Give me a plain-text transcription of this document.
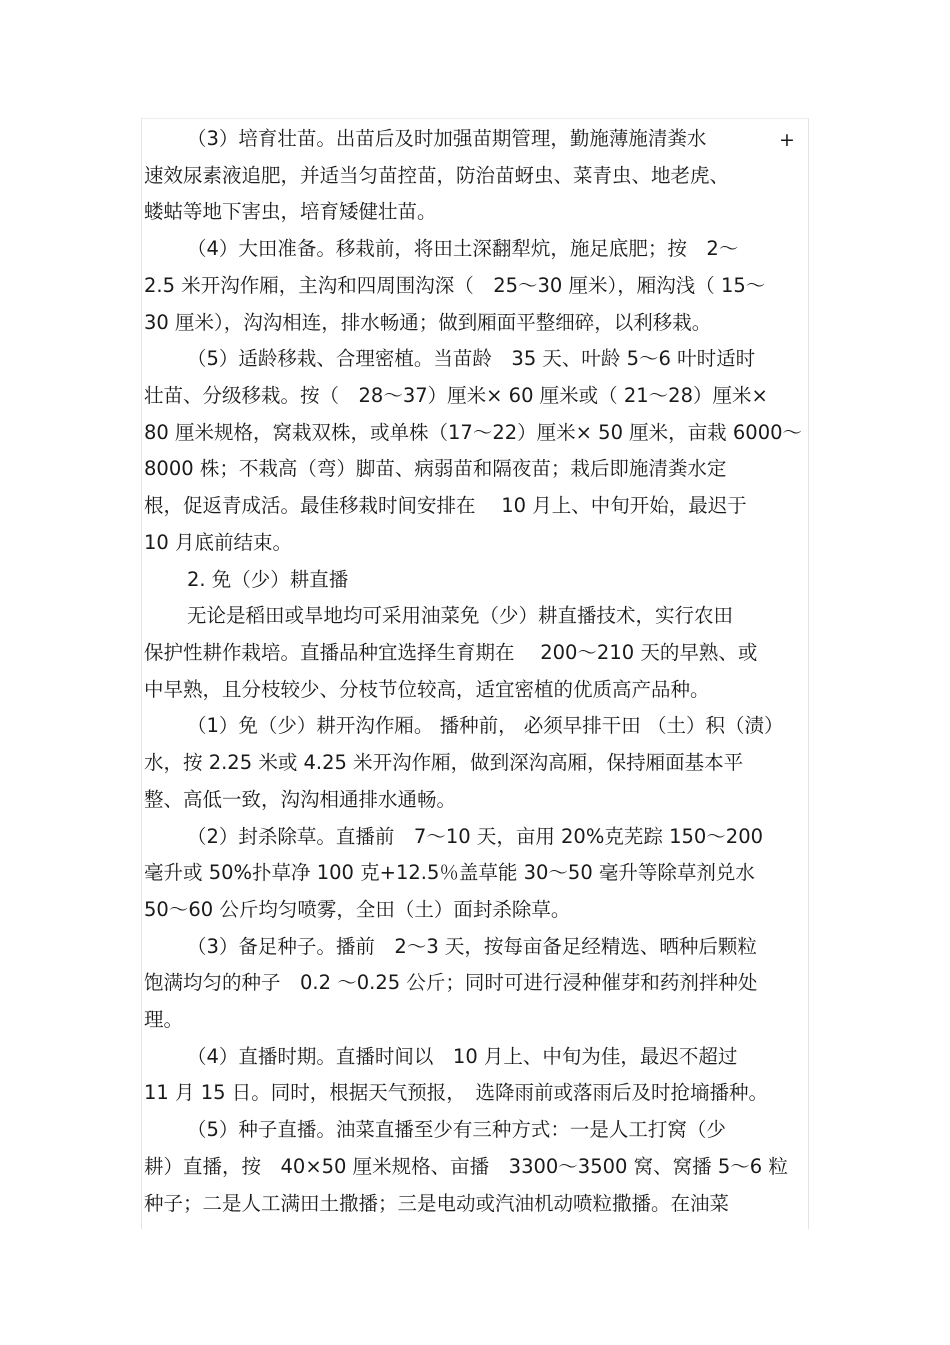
（3）培育壮苗。出苗后及时加强苗期管理，勤施薄施清粪水	+
速效尿素液追肥，并适当匀苗控苗，防治苗蚜虫、菜青虫、地老虎、
蝼蛄等地下害虫，培育矮健壮苗。
（4）大田准备。移栽前，将田土深翻犁炕，施足底肥；按　2～
2.5 米开沟作厢，主沟和四周围沟深（　25～30 厘米），厢沟浅（ 15～
30 厘米），沟沟相连，排水畅通；做到厢面平整细碎，以利移栽。
（5）适龄移栽、合理密植。当苗龄　35 天、叶龄 5～6 叶时适时
壮苗、分级移栽。按（　28～37）厘米× 60 厘米或（ 21～28）厘米×
80 厘米规格，窝栽双株，或单株（17～22）厘米× 50 厘米，亩栽 6000～
8000 株；不栽高（弯）脚苗、病弱苗和隔夜苗；栽后即施清粪水定
根，促返青成活。最佳移栽时间安排在　 10 月上、中旬开始，最迟于
10 月底前结束。
2. 免（少）耕直播
无论是稻田或旱地均可采用油菜免（少）耕直播技术，实行农田
保护性耕作栽培。直播品种宜选择生育期在　 200～210 天的早熟、或
中早熟，且分枝较少、分枝节位较高，适宜密植的优质高产品种。
（1）免（少）耕开沟作厢。 播种前， 必须早排干田 （土）积（渍）
水，按 2.25 米或 4.25 米开沟作厢，做到深沟高厢，保持厢面基本平
整、高低一致，沟沟相通排水通畅。
（2）封杀除草。直播前　7～10 天，亩用 20%克芜踪 150～200
毫升或 50%扑草净 100 克+12.5％盖草能 30～50 毫升等除草剂兑水
50～60 公斤均匀喷雾，全田（土）面封杀除草。
（3）备足种子。播前　2～3 天，按每亩备足经精选、晒种后颗粒
饱满均匀的种子　0.2 ～0.25 公斤；同时可进行浸种催芽和药剂拌种处
理。
（4）直播时期。直播时间以　10 月上、中旬为佳，最迟不超过
11 月 15 日。同时，根据天气预报，　选降雨前或落雨后及时抢墒播种。
（5）种子直播。油菜直播至少有三种方式：一是人工打窝（少
耕）直播，按　40×50 厘米规格、亩播　3300～3500 窝、窝播 5～6 粒
种子；二是人工满田土撒播；三是电动或汽油机动喷粒撒播。在油菜
